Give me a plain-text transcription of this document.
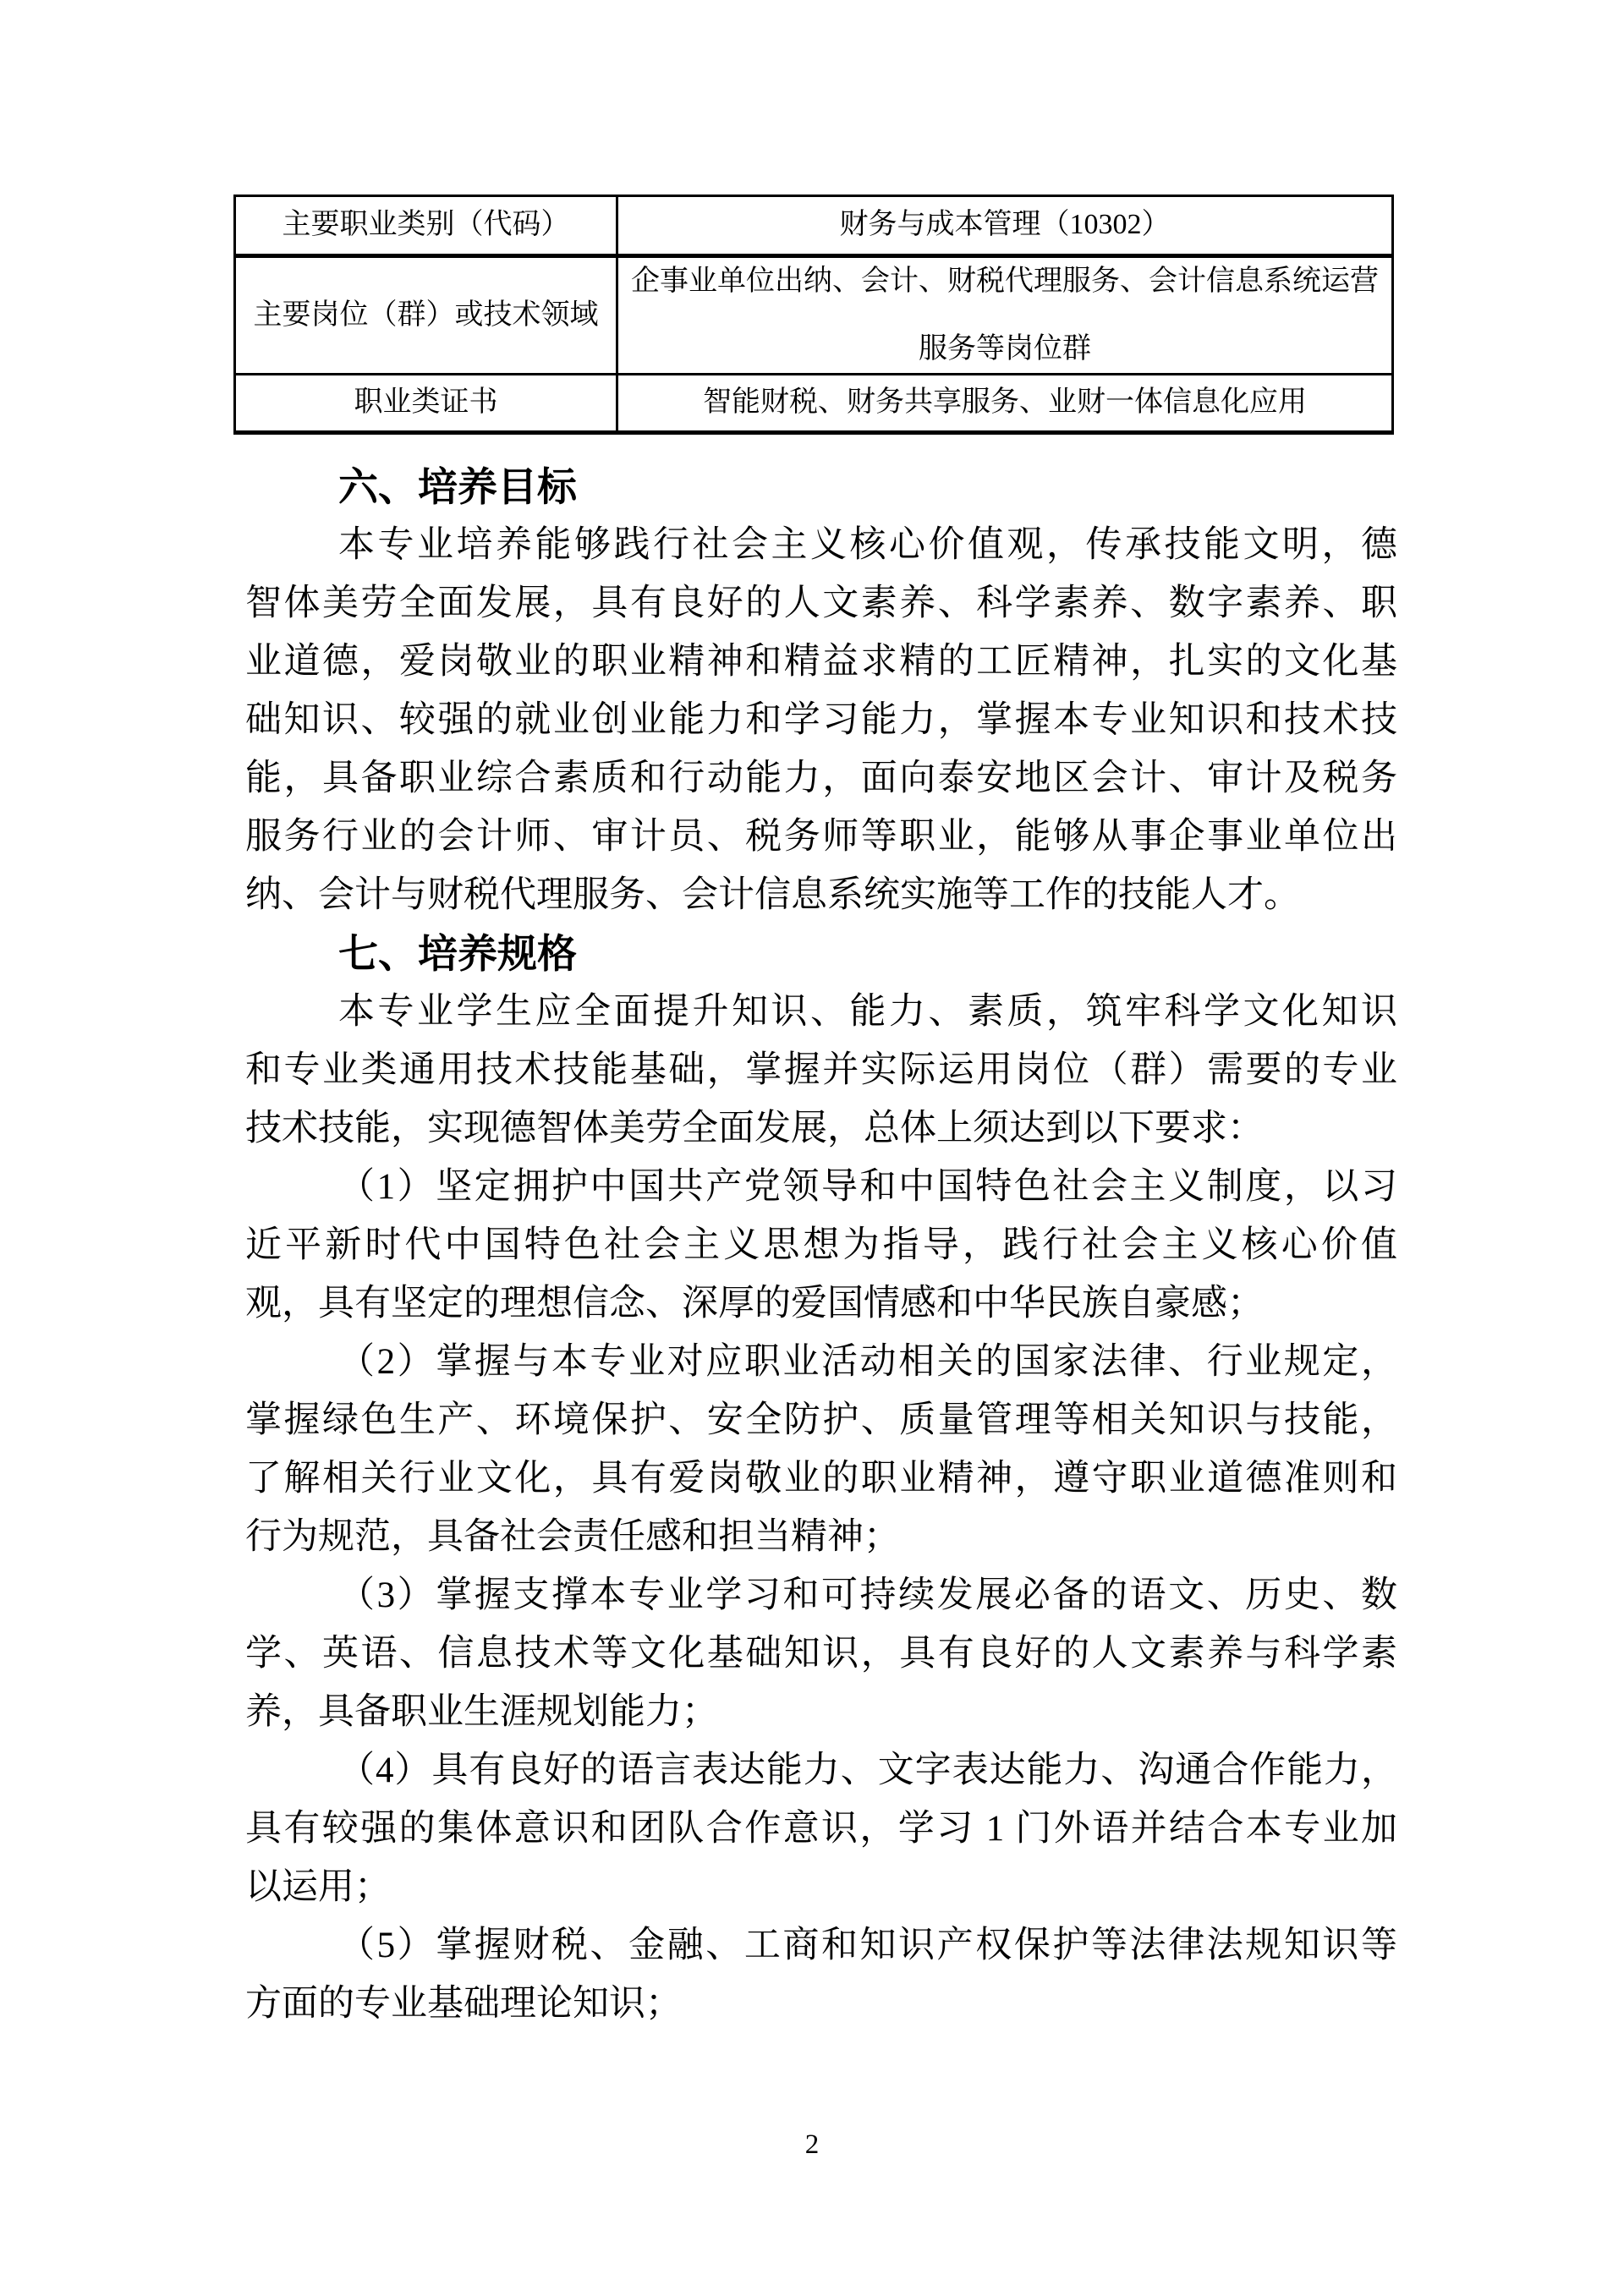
主要职业类别（代码）	财务与成本管理（10302）
主要岗位（群）或技术领域
企事业单位出纳、会计、财税代理服务、会计信息系统运营
服务等岗位群
职业类证书	智能财税、财务共享服务、业财一体信息化应用
六、培养目标
本专业培养能够践行社会主义核心价值观，传承技能文明，德
智体美劳全面发展，具有良好的人文素养、科学素养、数字素养、职
业道德，爱岗敬业的职业精神和精益求精的工匠精神，扎实的文化基
础知识、较强的就业创业能力和学习能力，掌握本专业知识和技术技
能，具备职业综合素质和行动能力，面向泰安地区会计、审计及税务
服务行业的会计师、审计员、税务师等职业，能够从事企事业单位出
纳、会计与财税代理服务、会计信息系统实施等工作的技能人才。
七、培养规格
本专业学生应全面提升知识、能力、素质，筑牢科学文化知识
和专业类通用技术技能基础，掌握并实际运用岗位（群）需要的专业
技术技能，实现德智体美劳全面发展，总体上须达到以下要求：
（1）坚定拥护中国共产党领导和中国特色社会主义制度，以习
近平新时代中国特色社会主义思想为指导，践行社会主义核心价值
观，具有坚定的理想信念、深厚的爱国情感和中华民族自豪感；
（2）掌握与本专业对应职业活动相关的国家法律、行业规定，
掌握绿色生产、环境保护、安全防护、质量管理等相关知识与技能，
了解相关行业文化，具有爱岗敬业的职业精神，遵守职业道德准则和
行为规范，具备社会责任感和担当精神；
（3）掌握支撑本专业学习和可持续发展必备的语文、历史、数
学、英语、信息技术等文化基础知识，具有良好的人文素养与科学素
养，具备职业生涯规划能力；
（4）具有良好的语言表达能力、文字表达能力、沟通合作能力，
具有较强的集体意识和团队合作意识，学习 1 门外语并结合本专业加
以运用；
（5）掌握财税、金融、工商和知识产权保护等法律法规知识等
方面的专业基础理论知识；
2
